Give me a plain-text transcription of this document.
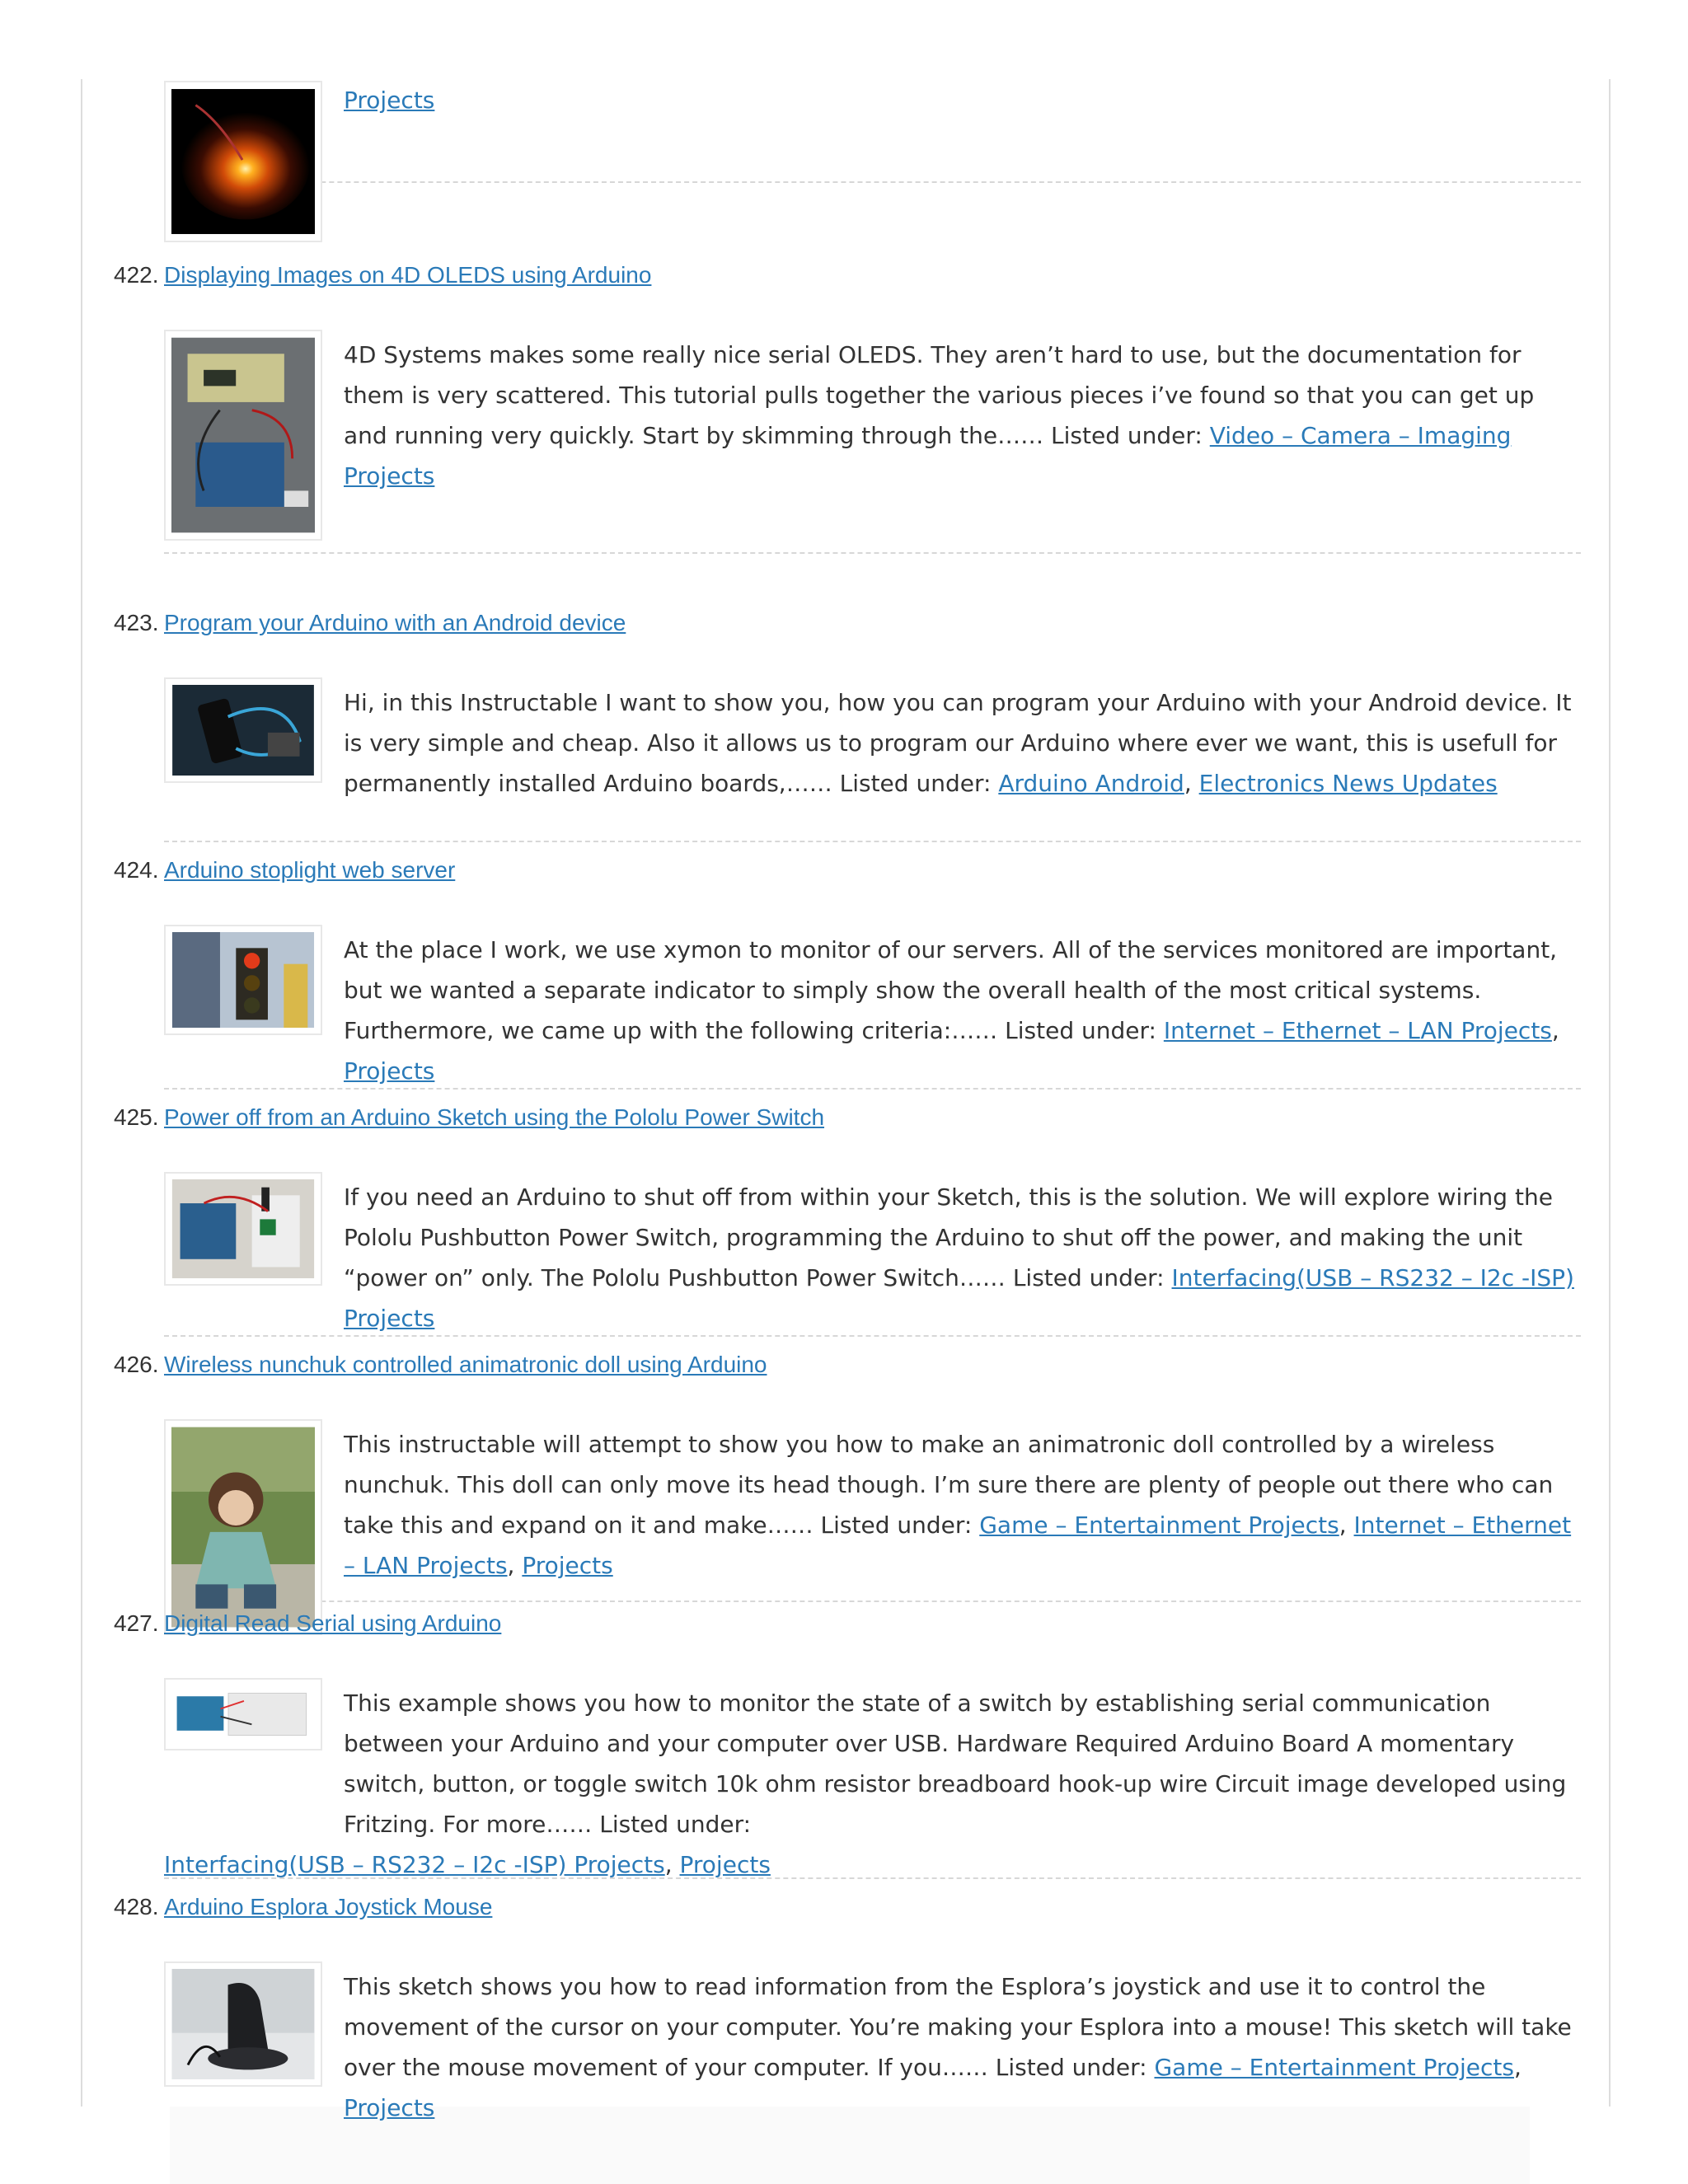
Projects
422. Displaying Images on 4D OLEDS using Arduino
4D Systems makes some really nice serial OLEDS. They aren’t hard to use, but the documentation for them is very scattered. This tutorial pulls together the various pieces i’ve found so that you can get up and running very quickly. Start by skimming through the…… Listed under: Video – Camera – Imaging Projects
423. Program your Arduino with an Android device
Hi, in this Instructable I want to show you, how you can program your Arduino with your Android device. It is very simple and cheap. Also it allows us to program our Arduino where ever we want, this is usefull for permanently installed Arduino boards,…… Listed under: Arduino Android, Electronics News Updates
424. Arduino stoplight web server
At the place I work, we use xymon to monitor of our servers. All of the services monitored are important, but we wanted a separate indicator to simply show the overall health of the most critical systems. Furthermore, we came up with the following criteria:…… Listed under: Internet – Ethernet – LAN Projects, Projects
425. Power off from an Arduino Sketch using the Pololu Power Switch
If you need an Arduino to shut off from within your Sketch, this is the solution. We will explore wiring the Pololu Pushbutton Power Switch, programming the Arduino to shut off the power, and making the unit “power on” only. The Pololu Pushbutton Power Switch…… Listed under: Interfacing(USB – RS232 – I2c -ISP) Projects
426. Wireless nunchuk controlled animatronic doll using Arduino
This instructable will attempt to show you how to make an animatronic doll controlled by a wireless nunchuk. This doll can only move its head though. I’m sure there are plenty of people out there who can take this and expand on it and make…… Listed under: Game – Entertainment Projects, Internet – Ethernet – LAN Projects, Projects
427. Digital Read Serial using Arduino
This example shows you how to monitor the state of a switch by establishing serial communication between your Arduino and your computer over USB. Hardware Required Arduino Board A momentary switch, button, or toggle switch 10k ohm resistor breadboard hook-up wire Circuit image developed using Fritzing. For more…… Listed under:
Interfacing(USB – RS232 – I2c -ISP) Projects, Projects
428. Arduino Esplora Joystick Mouse
This sketch shows you how to read information from the Esplora’s joystick and use it to control the movement of the cursor on your computer. You’re making your Esplora into a mouse! This sketch will take over the mouse movement of your computer. If you…… Listed under: Game – Entertainment Projects, Projects
